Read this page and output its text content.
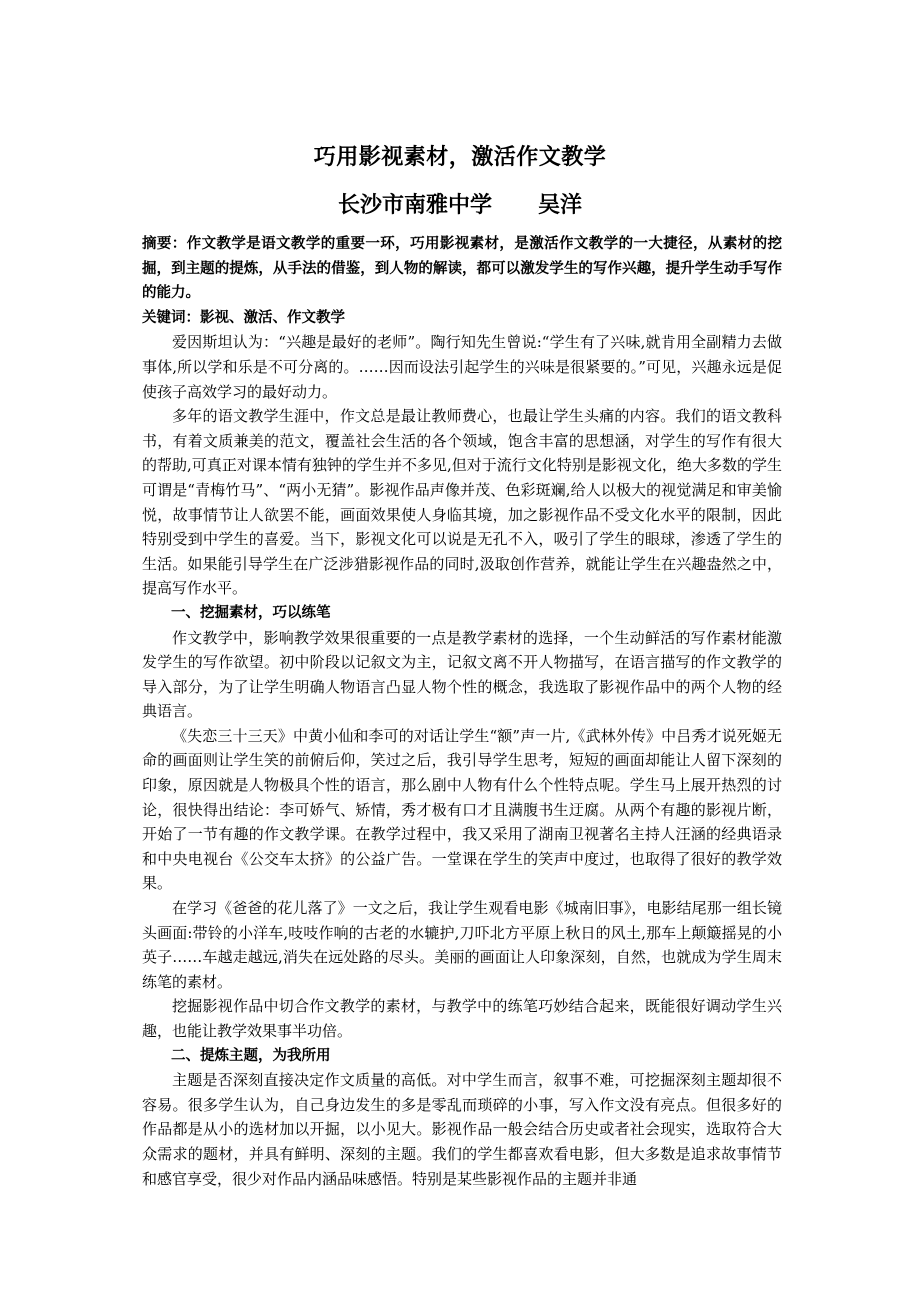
巧用影视素材，激活作文教学
长沙市南雅中学      吴洋

摘要：作文教学是语文教学的重要一环，巧用影视素材，是激活作文教学的一大捷径，从素材的挖掘，到主题的提炼，从手法的借鉴，到人物的解读，都可以激发学生的写作兴趣，提升学生动手写作的能力。

关键词：影视、激活、作文教学

爱因斯坦认为：“兴趣是最好的老师”。陶行知先生曾说:“学生有了兴味,就肯用全副精力去做事体,所以学和乐是不可分离的。……因而设法引起学生的兴味是很紧要的。”可见，兴趣永远是促使孩子高效学习的最好动力。

多年的语文教学生涯中，作文总是最让教师费心，也最让学生头痛的内容。我们的语文教科书，有着文质兼美的范文，覆盖社会生活的各个领域，饱含丰富的思想涵，对学生的写作有很大的帮助,可真正对课本情有独钟的学生并不多见,但对于流行文化特别是影视文化，绝大多数的学生可谓是“青梅竹马”、“两小无猜”。影视作品声像并茂、色彩斑斓,给人以极大的视觉满足和审美愉悦，故事情节让人欲罢不能，画面效果使人身临其境，加之影视作品不受文化水平的限制，因此特别受到中学生的喜爱。当下，影视文化可以说是无孔不入，吸引了学生的眼球，渗透了学生的生活。如果能引导学生在广泛涉猎影视作品的同时,汲取创作营养，就能让学生在兴趣盎然之中，提高写作水平。

一、挖掘素材，巧以练笔

作文教学中，影响教学效果很重要的一点是教学素材的选择，一个生动鲜活的写作素材能激发学生的写作欲望。初中阶段以记叙文为主，记叙文离不开人物描写，在语言描写的作文教学的导入部分，为了让学生明确人物语言凸显人物个性的概念，我选取了影视作品中的两个人物的经典语言。

《失恋三十三天》中黄小仙和李可的对话让学生“额”声一片,《武林外传》中吕秀才说死姬无命的画面则让学生笑的前俯后仰，笑过之后，我引导学生思考，短短的画面却能让人留下深刻的印象，原因就是人物极具个性的语言，那么剧中人物有什么个性特点呢。学生马上展开热烈的讨论，很快得出结论：李可娇气、矫情，秀才极有口才且满腹书生迂腐。从两个有趣的影视片断，开始了一节有趣的作文教学课。在教学过程中，我又采用了湖南卫视著名主持人汪涵的经典语录和中央电视台《公交车太挤》的公益广告。一堂课在学生的笑声中度过，也取得了很好的教学效果。

在学习《爸爸的花儿落了》一文之后，我让学生观看电影《城南旧事》，电影结尾那一组长镜头画面:带铃的小洋车,吱吱作响的古老的水辘护,刀吓北方平原上秋日的风土,那车上颠簸摇晃的小英子……车越走越远,消失在远处路的尽头。美丽的画面让人印象深刻，自然，也就成为学生周末练笔的素材。

挖掘影视作品中切合作文教学的素材，与教学中的练笔巧妙结合起来，既能很好调动学生兴趣，也能让教学效果事半功倍。

二、提炼主题，为我所用

主题是否深刻直接决定作文质量的高低。对中学生而言，叙事不难，可挖掘深刻主题却很不容易。很多学生认为，自己身边发生的多是零乱而琐碎的小事，写入作文没有亮点。但很多好的作品都是从小的选材加以开掘，以小见大。影视作品一般会结合历史或者社会现实，选取符合大众需求的题材，并具有鲜明、深刻的主题。我们的学生都喜欢看电影，但大多数是追求故事情节和感官享受，很少对作品内涵品味感悟。特别是某些影视作品的主题并非通
